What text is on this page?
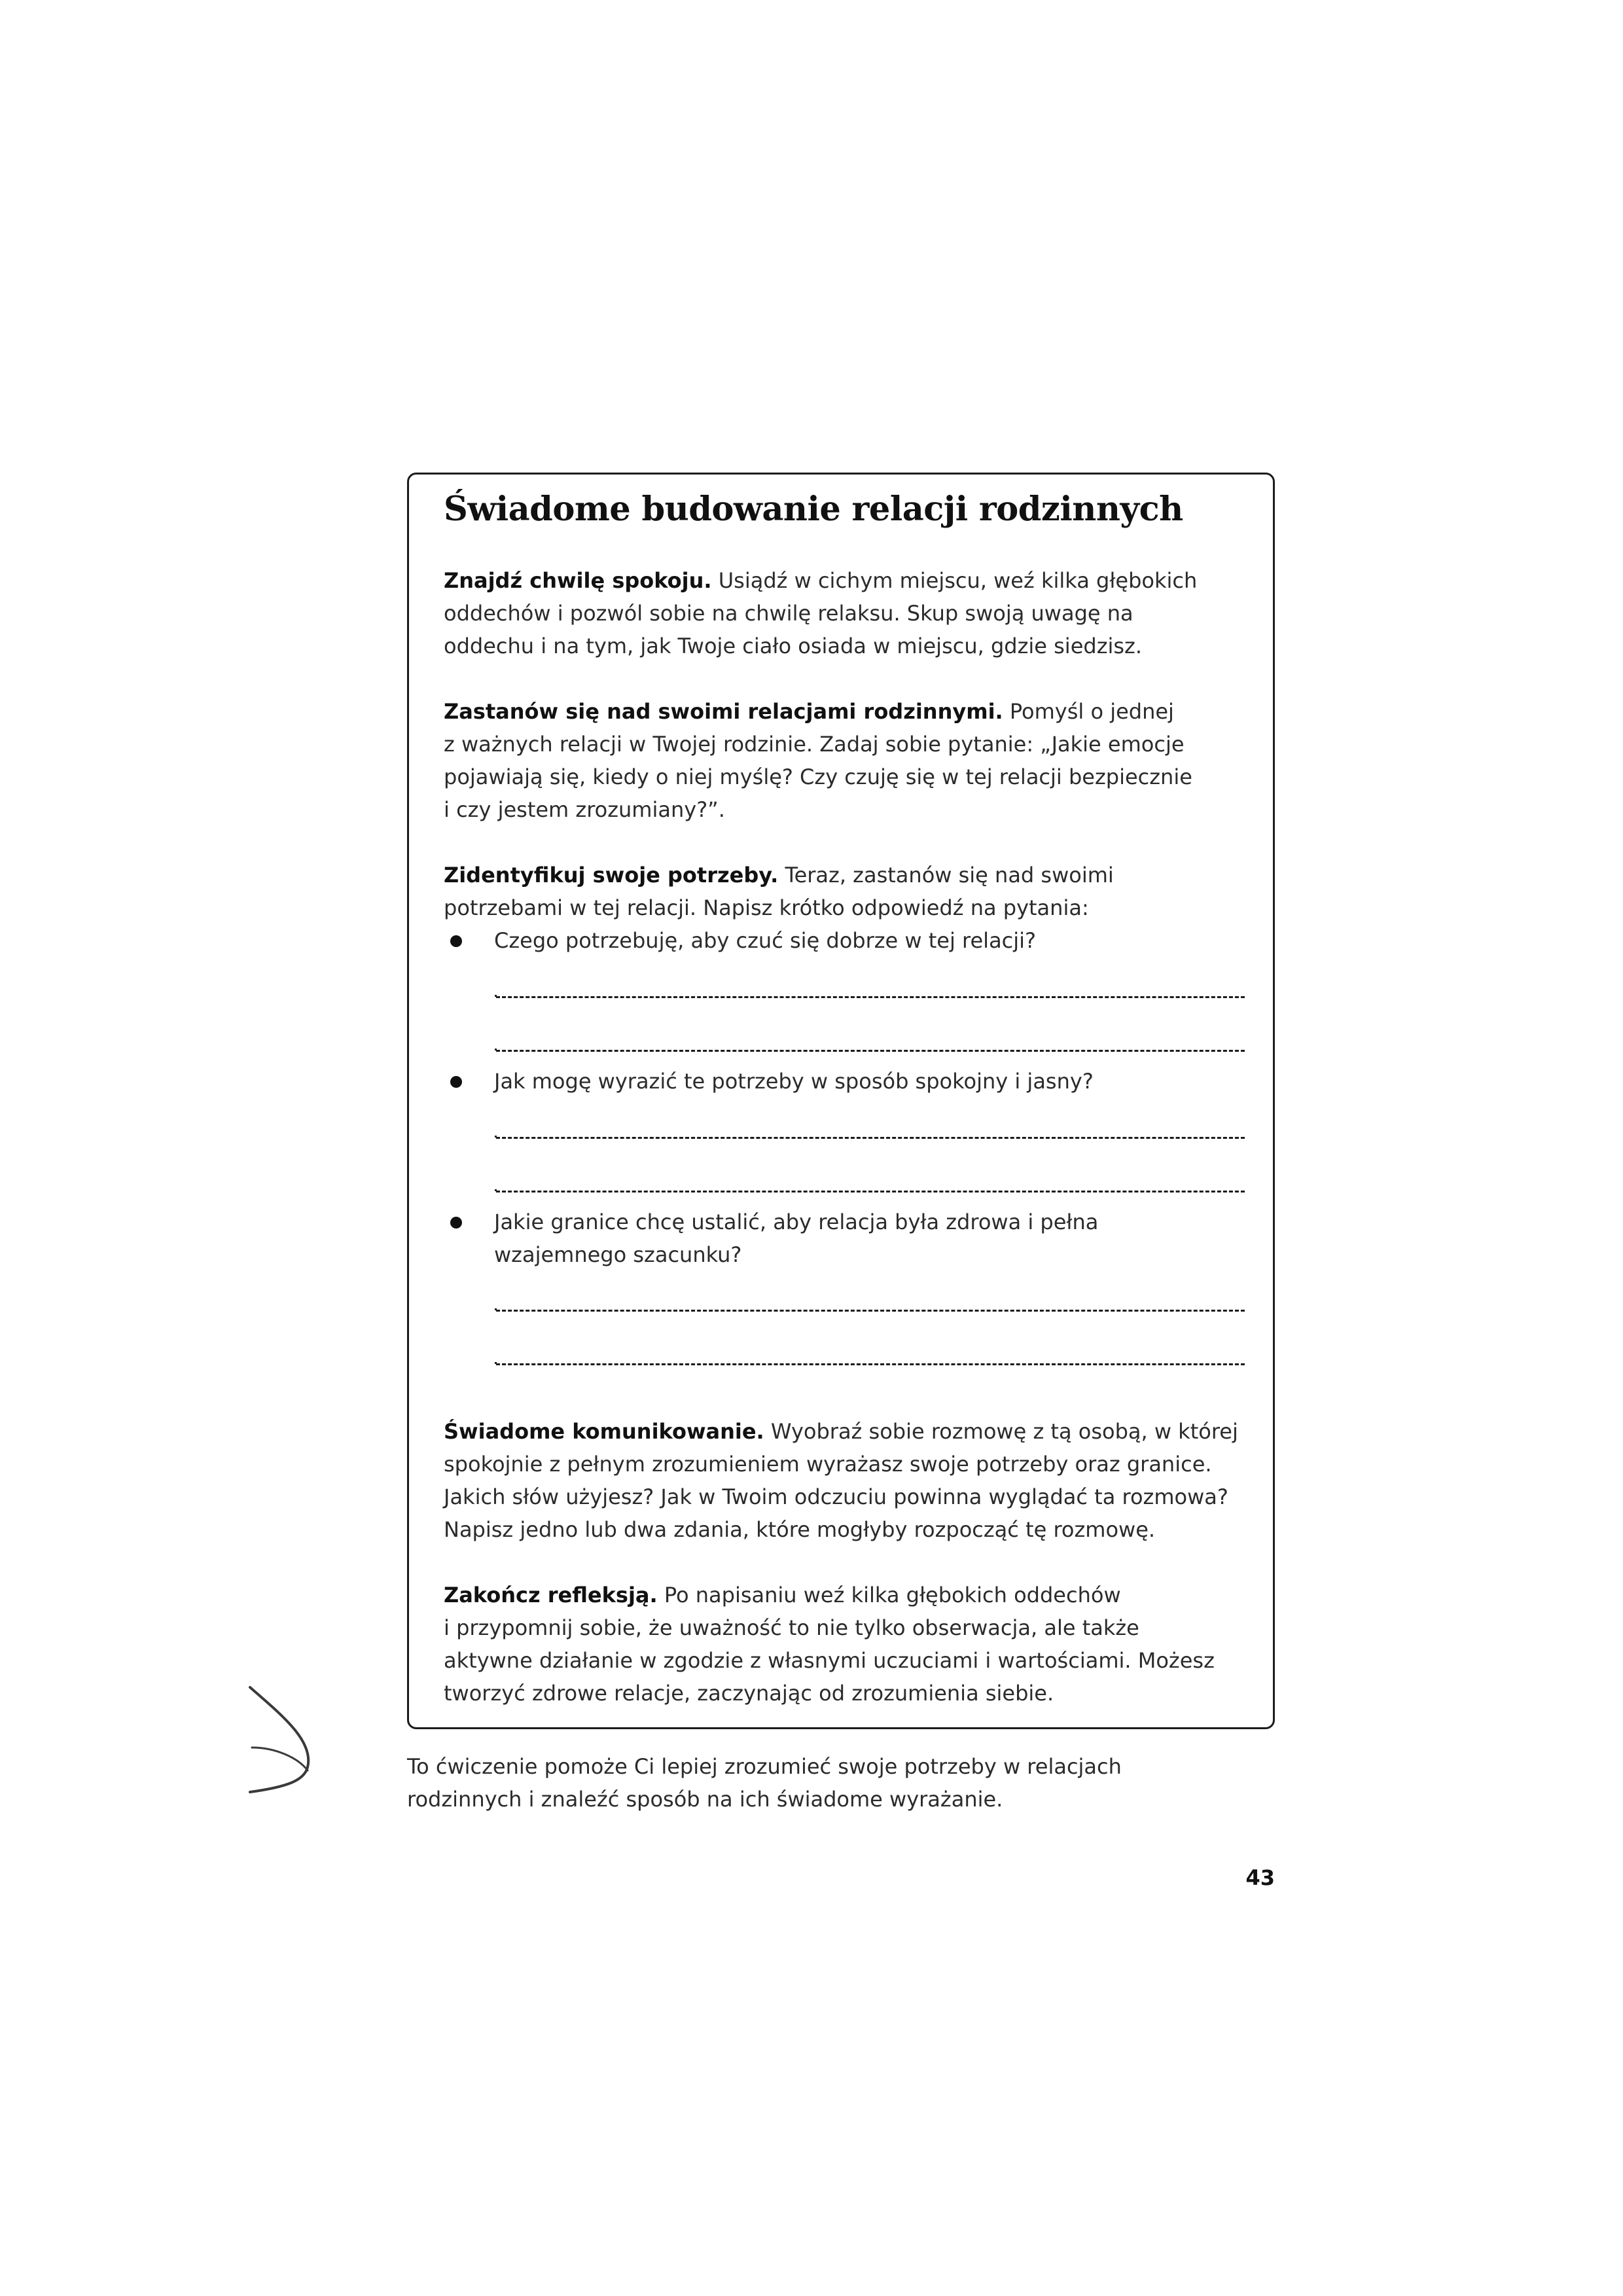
Świadome budowanie relacji rodzinnych
Znajdź chwilę spokoju. Usiądź w cichym miejscu, weź kilka głębokich
oddechów i pozwól sobie na chwilę relaksu. Skup swoją uwagę na
oddechu i na tym, jak Twoje ciało osiada w miejscu, gdzie siedzisz.
Zastanów się nad swoimi relacjami rodzinnymi. Pomyśl o jednej
z ważnych relacji w Twojej rodzinie. Zadaj sobie pytanie: „Jakie emocje
pojawiają się, kiedy o niej myślę? Czy czuję się w tej relacji bezpiecznie
i czy jestem zrozumiany?”.
Zidentyfikuj swoje potrzeby. Teraz, zastanów się nad swoimi
potrzebami w tej relacji. Napisz krótko odpowiedź na pytania:
Czego potrzebuję, aby czuć się dobrze w tej relacji?
Jak mogę wyrazić te potrzeby w sposób spokojny i jasny?
Jakie granice chcę ustalić, aby relacja była zdrowa i pełna
wzajemnego szacunku?
Świadome komunikowanie. Wyobraź sobie rozmowę z tą osobą, w której
spokojnie z pełnym zrozumieniem wyrażasz swoje potrzeby oraz granice.
Jakich słów użyjesz? Jak w Twoim odczuciu powinna wyglądać ta rozmowa?
Napisz jedno lub dwa zdania, które mogłyby rozpocząć tę rozmowę.
Zakończ refleksją. Po napisaniu weź kilka głębokich oddechów
i przypomnij sobie, że uważność to nie tylko obserwacja, ale także
aktywne działanie w zgodzie z własnymi uczuciami i wartościami. Możesz
tworzyć zdrowe relacje, zaczynając od zrozumienia siebie.
To ćwiczenie pomoże Ci lepiej zrozumieć swoje potrzeby w relacjach
rodzinnych i znaleźć sposób na ich świadome wyrażanie.
43
